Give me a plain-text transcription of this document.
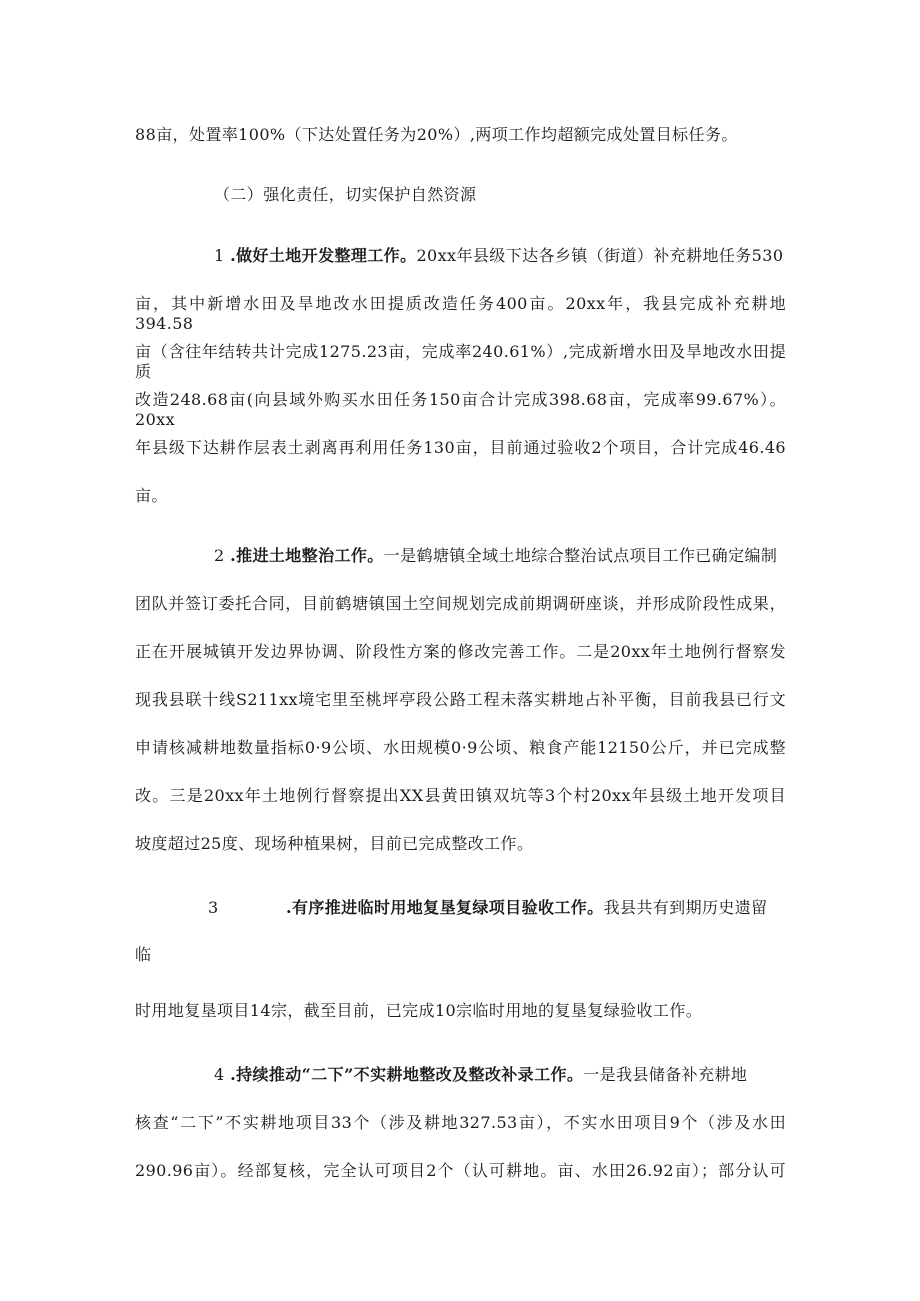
88亩，处置率100%（下达处置任务为20%）,两项工作均超额完成处置目标任务。
（二）强化责任，切实保护自然资源
1 .做好土地开发整理工作。20xx年县级下达各乡镇（街道）补充耕地任务530
亩，其中新增水田及旱地改水田提质改造任务400亩。20xx年，我县完成补充耕地394.58
亩（含往年结转共计完成1275.23亩，完成率240.61%）,完成新增水田及旱地改水田提质
改造248.68亩(向县域外购买水田任务150亩合计完成398.68亩，完成率99.67%）。20xx
年县级下达耕作层表土剥离再利用任务130亩，目前通过验收2个项目，合计完成46.46
亩。
2 .推进土地整治工作。一是鹤塘镇全域土地综合整治试点项目工作已确定编制
团队并签订委托合同，目前鹤塘镇国土空间规划完成前期调研座谈，并形成阶段性成果，
正在开展城镇开发边界协调、阶段性方案的修改完善工作。二是20xx年土地例行督察发
现我县联十线S211xx境宅里至桃坪亭段公路工程未落实耕地占补平衡，目前我县已行文
申请核减耕地数量指标0·9公顷、水田规模0·9公顷、粮食产能12150公斤，并已完成整
改。三是20xx年土地例行督察提出XX县黄田镇双坑等3个村20xx年县级土地开发项目
坡度超过25度、现场种植果树，目前已完成整改工作。
3	.有序推进临时用地复垦复绿项目验收工作。我县共有到期历史遗留
临
时用地复垦项目14宗，截至目前，已完成10宗临时用地的复垦复绿验收工作。
4 .持续推动“二下”不实耕地整改及整改补录工作。一是我县储备补充耕地
核查“二下”不实耕地项目33个（涉及耕地327.53亩），不实水田项目9个（涉及水田
290.96亩）。经部复核，完全认可项目2个（认可耕地。亩、水田26.92亩）；部分认可
